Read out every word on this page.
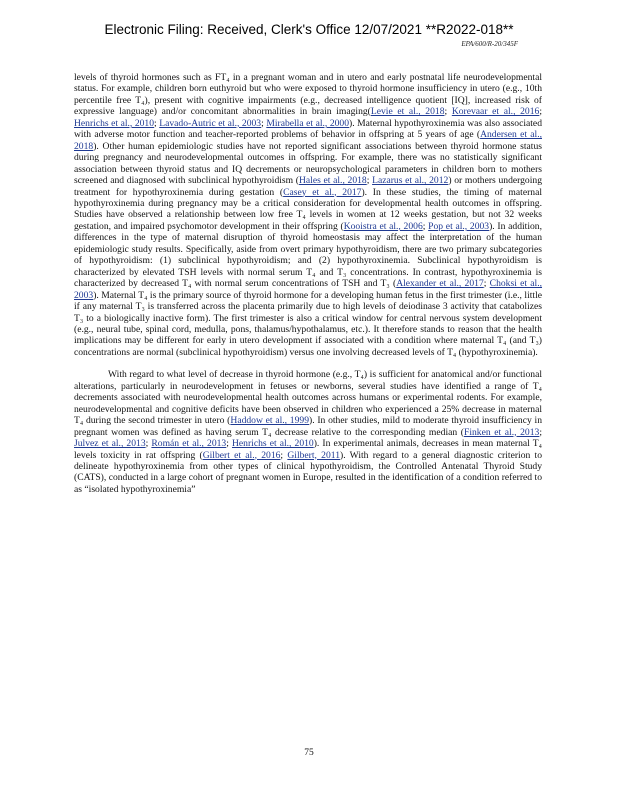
Electronic Filing: Received, Clerk's Office 12/07/2021 **R2022-018**
EPA/600/R-20/345F

levels of thyroid hormones such as FT₄ in a pregnant woman and in utero and early postnatal life neurodevelopmental status. For example, children born euthyroid but who were exposed to thyroid hormone insufficiency in utero (e.g., 10th percentile free T₄), present with cognitive impairments (e.g., decreased intelligence quotient [IQ], increased risk of expressive language) and/or concomitant abnormalities in brain imaging(Levie et al., 2018; Korevaar et al., 2016; Henrichs et al., 2010; Lavado-Autric et al., 2003; Mirabella et al., 2000). Maternal hypothyroxinemia was also associated with adverse motor function and teacher-reported problems of behavior in offspring at 5 years of age (Andersen et al., 2018). Other human epidemiologic studies have not reported significant associations between thyroid hormone status during pregnancy and neurodevelopmental outcomes in offspring. For example, there was no statistically significant association between thyroid status and IQ decrements or neuropsychological parameters in children born to mothers screened and diagnosed with subclinical hypothyroidism (Hales et al., 2018; Lazarus et al., 2012) or mothers undergoing treatment for hypothyroxinemia during gestation (Casey et al., 2017). In these studies, the timing of maternal hypothyroxinemia during pregnancy may be a critical consideration for developmental health outcomes in offspring. Studies have observed a relationship between low free T₄ levels in women at 12 weeks gestation, but not 32 weeks gestation, and impaired psychomotor development in their offspring (Kooistra et al., 2006; Pop et al., 2003). In addition, differences in the type of maternal disruption of thyroid homeostasis may affect the interpretation of the human epidemiologic study results. Specifically, aside from overt primary hypothyroidism, there are two primary subcategories of hypothyroidism: (1) subclinical hypothyroidism; and (2) hypothyroxinemia. Subclinical hypothyroidism is characterized by elevated TSH levels with normal serum T₄ and T₃ concentrations. In contrast, hypothyroxinemia is characterized by decreased T₄ with normal serum concentrations of TSH and T₃ (Alexander et al., 2017; Choksi et al., 2003). Maternal T₄ is the primary source of thyroid hormone for a developing human fetus in the first trimester (i.e., little if any maternal T₃ is transferred across the placenta primarily due to high levels of deiodinase 3 activity that catabolizes T₃ to a biologically inactive form). The first trimester is also a critical window for central nervous system development (e.g., neural tube, spinal cord, medulla, pons, thalamus/hypothalamus, etc.). It therefore stands to reason that the health implications may be different for early in utero development if associated with a condition where maternal T₄ (and T₃) concentrations are normal (subclinical hypothyroidism) versus one involving decreased levels of T₄ (hypothyroxinemia).

With regard to what level of decrease in thyroid hormone (e.g., T₄) is sufficient for anatomical and/or functional alterations, particularly in neurodevelopment in fetuses or newborns, several studies have identified a range of T₄ decrements associated with neurodevelopmental health outcomes across humans or experimental rodents. For example, neurodevelopmental and cognitive deficits have been observed in children who experienced a 25% decrease in maternal T₄ during the second trimester in utero (Haddow et al., 1999). In other studies, mild to moderate thyroid insufficiency in pregnant women was defined as having serum T₄ decrease relative to the corresponding median (Finken et al., 2013; Julvez et al., 2013; Román et al., 2013; Henrichs et al., 2010). In experimental animals, decreases in mean maternal T₄ levels toxicity in rat offspring (Gilbert et al., 2016; Gilbert, 2011). With regard to a general diagnostic criterion to delineate hypothyroxinemia from other types of clinical hypothyroidism, the Controlled Antenatal Thyroid Study (CATS), conducted in a large cohort of pregnant women in Europe, resulted in the identification of a condition referred to as “isolated hypothyroxinemia”

75
